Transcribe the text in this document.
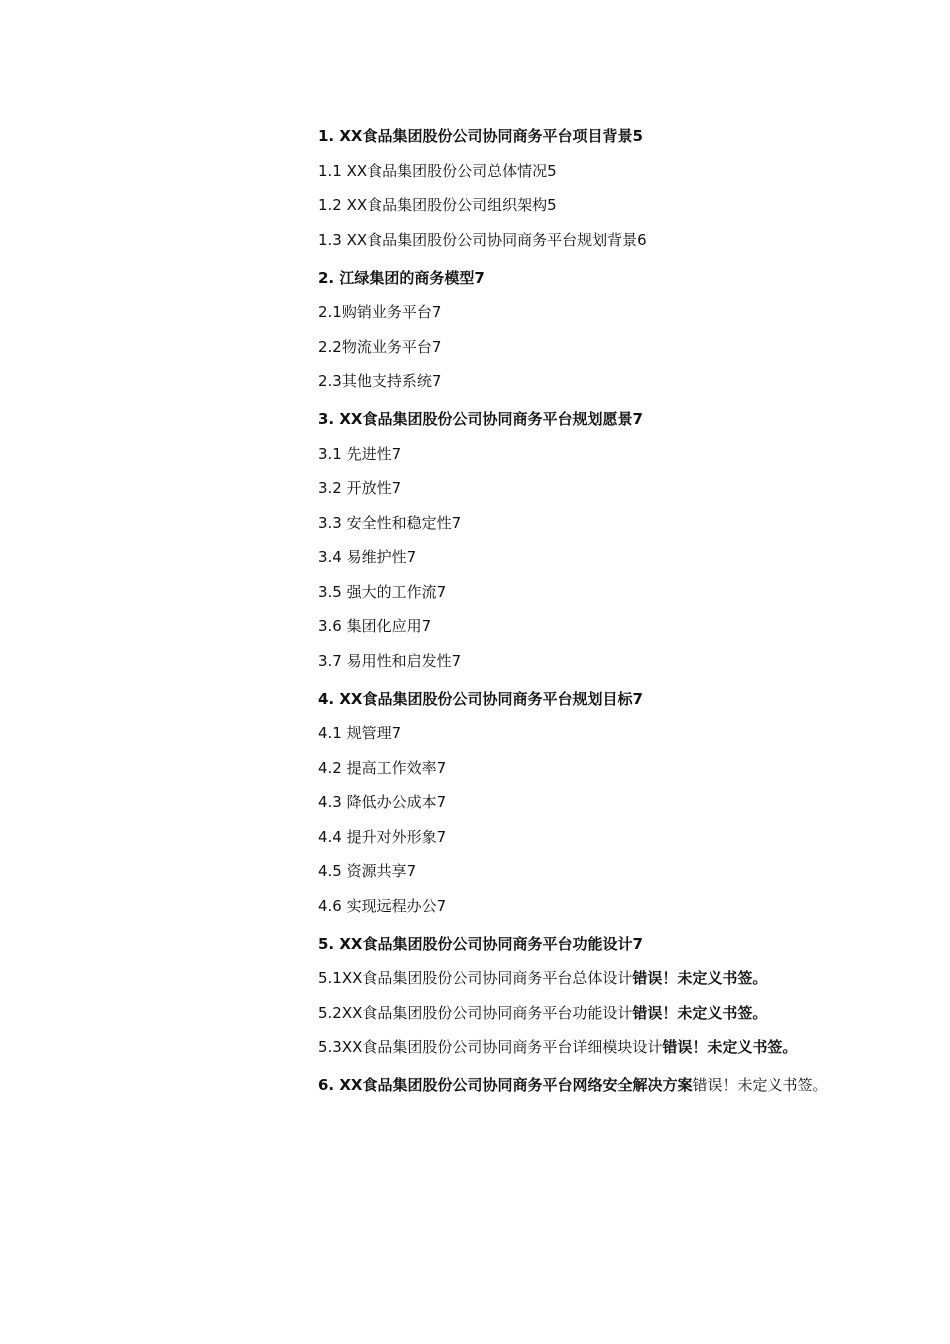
1. XX食品集团股份公司协同商务平台项目背景5
1.1 XX食品集团股份公司总体情况5
1.2 XX食品集团股份公司组织架构5
1.3 XX食品集团股份公司协同商务平台规划背景6
2. 江绿集团的商务模型7
2.1购销业务平台7
2.2物流业务平台7
2.3其他支持系统7
3. XX食品集团股份公司协同商务平台规划愿景7
3.1 先进性7
3.2 开放性7
3.3 安全性和稳定性7
3.4 易维护性7
3.5 强大的工作流7
3.6 集团化应用7
3.7 易用性和启发性7
4. XX食品集团股份公司协同商务平台规划目标7
4.1 规管理7
4.2 提高工作效率7
4.3 降低办公成本7
4.4 提升对外形象7
4.5 资源共享7
4.6 实现远程办公7
5. XX食品集团股份公司协同商务平台功能设计7
5.1XX食品集团股份公司协同商务平台总体设计错误！未定义书签。
5.2XX食品集团股份公司协同商务平台功能设计错误！未定义书签。
5.3XX食品集团股份公司协同商务平台详细模块设计错误！未定义书签。
6. XX食品集团股份公司协同商务平台网络安全解决方案错误！未定义书签。
